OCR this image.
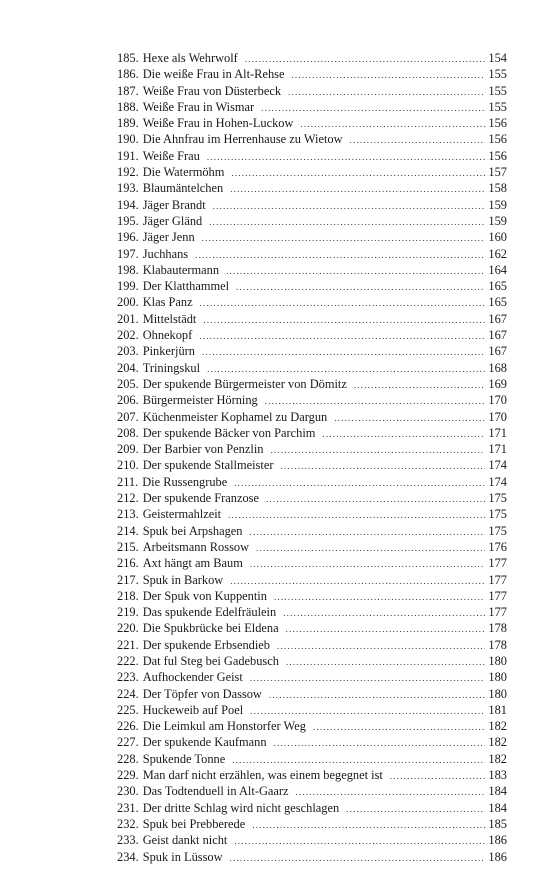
185. Hexe als Wehrwolf .....	154
186. Die weiße Frau in Alt-Rehse .....	155
187. Weiße Frau von Düsterbeck .....	155
188. Weiße Frau in Wismar .....	155
189. Weiße Frau in Hohen-Luckow .....	156
190. Die Ahnfrau im Herrenhause zu Wietow .....	156
191. Weiße Frau .....	156
192. Die Watermöhm .....	157
193. Blaumäntelchen .....	158
194. Jäger Brandt .....	159
195. Jäger Gländ .....	159
196. Jäger Jenn .....	160
197. Juchhans .....	162
198. Klabautermann .....	164
199. Der Klatthammel .....	165
200. Klas Panz .....	165
201. Mittelstädt .....	167
202. Ohnekopf .....	167
203. Pinkerjürn .....	167
204. Triningskul .....	168
205. Der spukende Bürgermeister von Dömitz .....	169
206. Bürgermeister Hörning .....	170
207. Küchenmeister Kophamel zu Dargun .....	170
208. Der spukende Bäcker von Parchim .....	171
209. Der Barbier von Penzlin .....	171
210. Der spukende Stallmeister .....	174
211. Die Russengrube .....	174
212. Der spukende Franzose .....	175
213. Geistermahlzeit .....	175
214. Spuk bei Arpshagen .....	175
215. Arbeitsmann Rossow .....	176
216. Axt hängt am Baum .....	177
217. Spuk in Barkow .....	177
218. Der Spuk von Kuppentin .....	177
219. Das spukende Edelfräulein .....	177
220. Die Spukbrücke bei Eldena .....	178
221. Der spukende Erbsendieb .....	178
222. Dat ful Steg bei Gadebusch .....	180
223. Aufhockender Geist .....	180
224. Der Töpfer von Dassow .....	180
225. Huckeweib auf Poel .....	181
226. Die Leimkul am Honstorfer Weg .....	182
227. Der spukende Kaufmann .....	182
228. Spukende Tonne .....	182
229. Man darf nicht erzählen, was einem begegnet ist .....	183
230. Das Todtenduell in Alt-Gaarz .....	184
231. Der dritte Schlag wird nicht geschlagen .....	184
232. Spuk bei Prebberede .....	185
233. Geist dankt nicht .....	186
234. Spuk in Lüssow .....	186
